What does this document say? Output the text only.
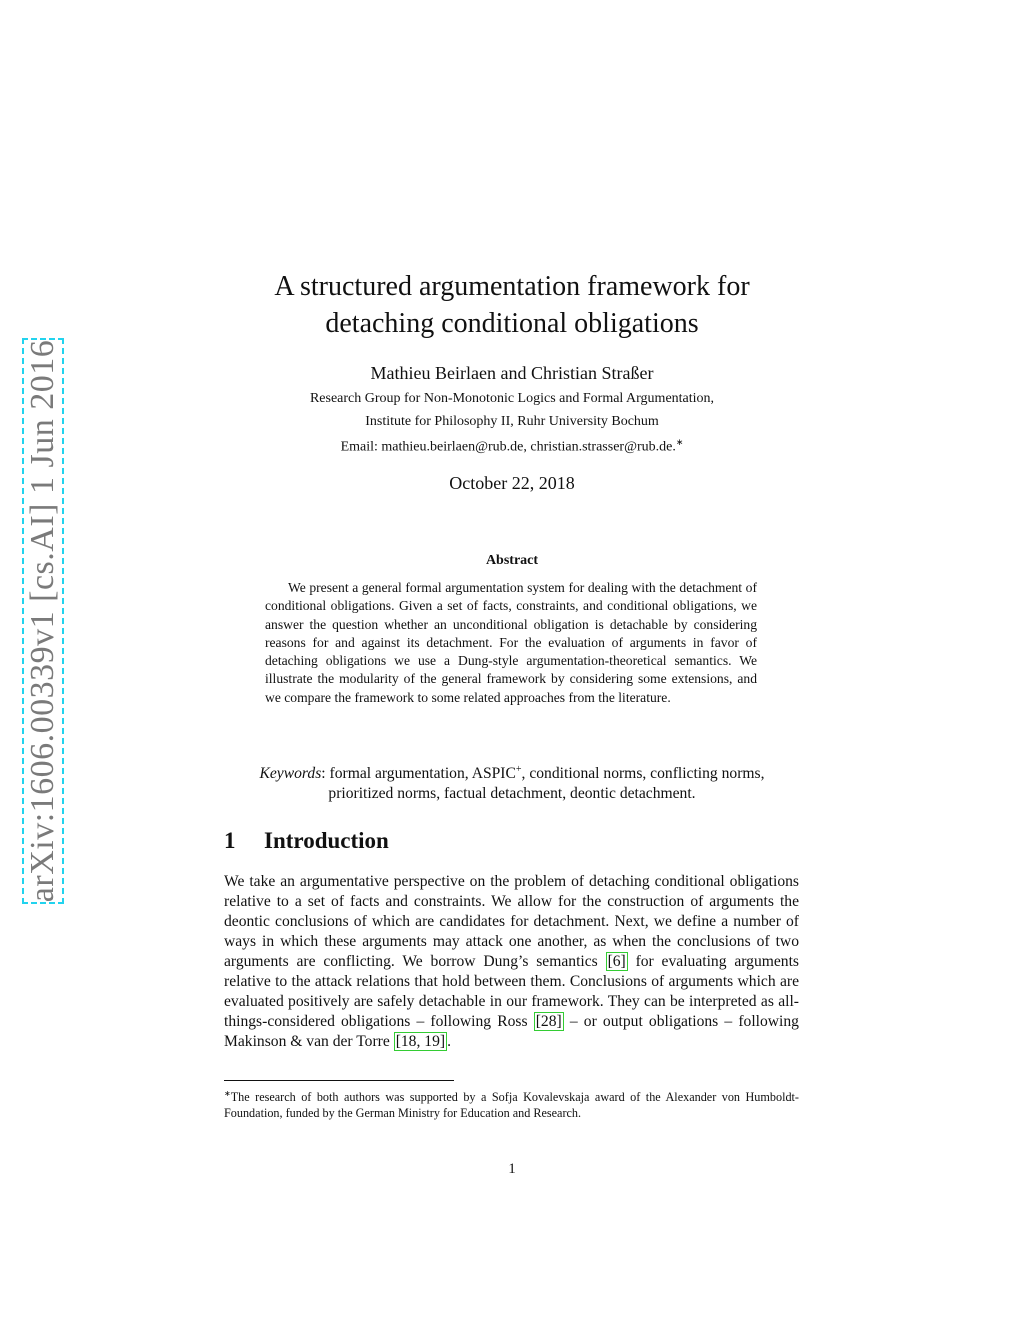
arXiv:1606.00339v1 [cs.AI] 1 Jun 2016
A structured argumentation framework for
detaching conditional obligations
Mathieu Beirlaen and Christian Straßer
Research Group for Non-Monotonic Logics and Formal Argumentation,
Institute for Philosophy II, Ruhr University Bochum
Email: mathieu.beirlaen@rub.de, christian.strasser@rub.de.∗
October 22, 2018
Abstract
We present a general formal argumentation system for dealing with the detachment of conditional obligations. Given a set of facts, constraints, and conditional obligations, we answer the question whether an unconditional obligation is detachable by considering reasons for and against its detachment. For the evaluation of arguments in favor of detaching obligations we use a Dung-style argumentation-theoretical semantics. We illustrate the modularity of the general framework by considering some extensions, and we compare the framework to some related approaches from the literature.
Keywords: formal argumentation, ASPIC+, conditional norms, conflicting norms, prioritized norms, factual detachment, deontic detachment.
1 Introduction
We take an argumentative perspective on the problem of detaching conditional obligations relative to a set of facts and constraints. We allow for the construction of arguments the deontic conclusions of which are candidates for detachment. Next, we define a number of ways in which these arguments may attack one another, as when the conclusions of two arguments are conflicting. We borrow Dung’s semantics [6] for evaluating arguments relative to the attack relations that hold between them. Conclusions of arguments which are evaluated positively are safely detachable in our framework. They can be interpreted as all-things-considered obligations – following Ross [28] – or output obligations – following Makinson & van der Torre [18, 19] .
∗The research of both authors was supported by a Sofja Kovalevskaja award of the Alexander von Humboldt-Foundation, funded by the German Ministry for Education and Research.
1
